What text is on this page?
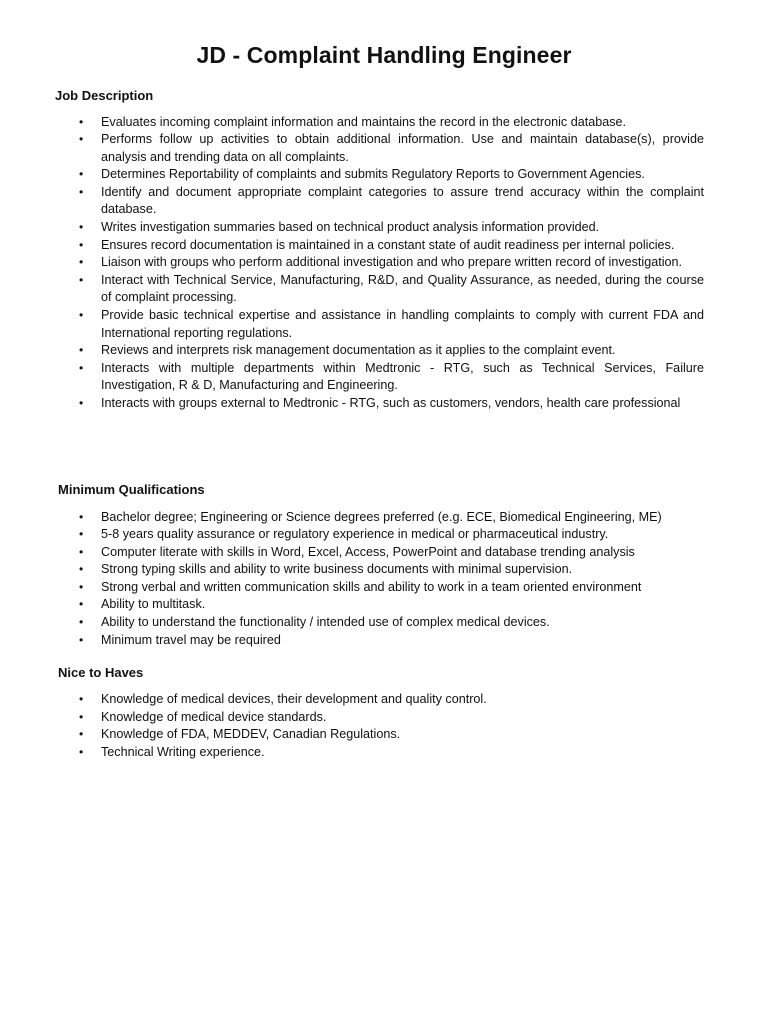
JD - Complaint Handling Engineer
Job Description
• Evaluates incoming complaint information and maintains the record in the electronic database.
• Performs follow up activities to obtain additional information. Use and maintain database(s), provide analysis and trending data on all complaints.
• Determines Reportability of complaints and submits Regulatory Reports to Government Agencies.
• Identify and document appropriate complaint categories to assure trend accuracy within the complaint database.
• Writes investigation summaries based on technical product analysis information provided.
• Ensures record documentation is maintained in a constant state of audit readiness per internal policies.
• Liaison with groups who perform additional investigation and who prepare written record of investigation.
• Interact with Technical Service, Manufacturing, R&D, and Quality Assurance, as needed, during the course of complaint processing.
• Provide basic technical expertise and assistance in handling complaints to comply with current FDA and International reporting regulations.
• Reviews and interprets risk management documentation as it applies to the complaint event.
• Interacts with multiple departments within Medtronic - RTG, such as Technical Services, Failure Investigation, R & D, Manufacturing and Engineering.
• Interacts with groups external to Medtronic - RTG, such as customers, vendors, health care professional
Minimum Qualifications
• Bachelor degree; Engineering or Science degrees preferred (e.g. ECE, Biomedical Engineering, ME)
• 5-8 years quality assurance or regulatory experience in medical or pharmaceutical industry.
• Computer literate with skills in Word, Excel, Access, PowerPoint and database trending analysis
• Strong typing skills and ability to write business documents with minimal supervision.
• Strong verbal and written communication skills and ability to work in a team oriented environment
• Ability to multitask.
• Ability to understand the functionality / intended use of complex medical devices.
• Minimum travel may be required
Nice to Haves
• Knowledge of medical devices, their development and quality control.
• Knowledge of medical device standards.
• Knowledge of FDA, MEDDEV, Canadian Regulations.
• Technical Writing experience.
